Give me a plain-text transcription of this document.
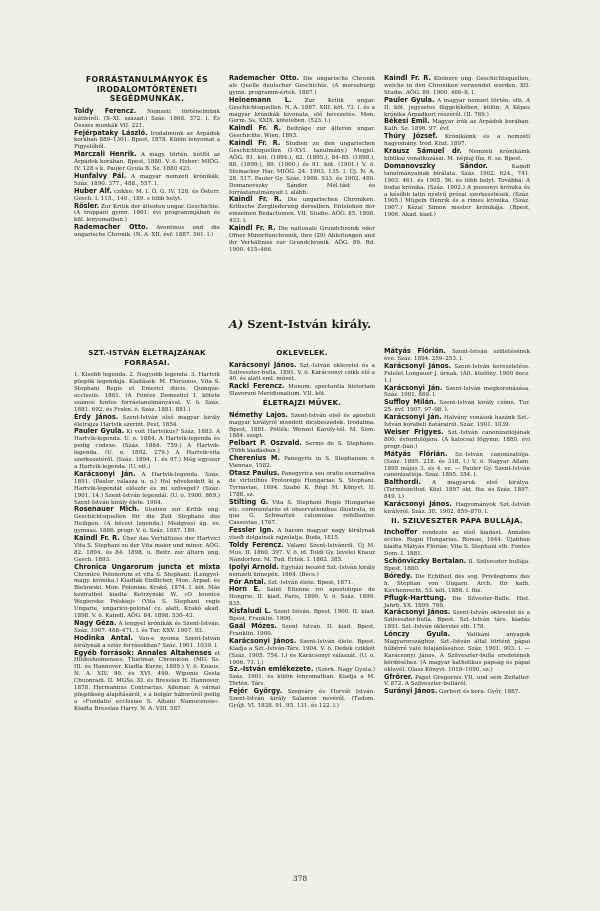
FORRÁSTANULMÁNYOK ÉS IRODALOMTÖRTÉNETI SEGÉDMUNKÁK.

Toldy Ferencz. Nemzeti történelmünk kútfeiről. (X–XI. század.) Száz. 1868. 372. l. És Összes munkák VII. 221.

Fejérpataky László. Irodalmunk az Árpádok korában 889–1301. Bpest, 1878. Külön lenyomat a Figyelőből.

Marczali Henrik. A magy. történ. kútfői az Árpádok korában. Bpest, 1880. V. ö. Huber: MIÖG. IV. 128 s k. Pauler Gyula B. Sz. 1880 423.

Hunfalvy Pál. A magyar nemzeti krónikák. Száz. 1890. 377., 488., 557. l.

Huber Alf. czikke: M. I. Ö. G. IV. 128. és Österr. Gesch. I. 115., 140., 189. s több helyt.

Rösler. Zur Kritik der ältesten ungar. Geschichte. (A troppani gymn. 1861. évi programmjában és kül. lenyomatban.)

Rademacher Otto. Aventinus und die ungarische Chronik. (N. A. XII. évf. 1887. 561. l.)

Rademacher Otto. Die ungarische Chronik als Quelle deutscher Geschichte. (A merseburgi gymn. programm-értek. 1887.)

Heinemann L. Zur Kritik ungar. Geschichtsquellen. N. A. 1887. XIII. köt. 73. l. és a magyar krónikák kivonata, elő bevezetés. Mon. Germ. Ss. XXIX. kötetében. (523. l.)

Kaindl Fr. R. Beiträge zur älteren ungar. Geschichte. Wien, 1893.

Kaindl Fr. R. Studien zu den ungarischen Geschichtsquellen (I–XVI. tanulmány.) Megjel. AÖG. 81. köt. (1894.), 82. (1895.), 84–85. (1898.), 88. (1899.), 89. (1900.) és 91. köt. (1901.) V. ö. Steinacker Har. MIÖG. 24. 1903. 135. l. Új. N. A. 28. 517. Pauler Gy. Száz. 1900. 933. és 1902. 480. Domanovszky Sándor. Mél.tást és forrástanulmányait l. alább.

Kaindl Fr. R. Die ungarischen Chroniken. Kritische Zergliederung derselben. Entstehen der einzelnen Redactionen. VII. Studie. AÖG. 85. 1898. 433. l.

Kaindl Fr. R. Die nationale Grundchronik oder Ofner Minoritenchronik, ihre (29) Ableitungen und ihr Verhältniss zur Grundchronik. AÖG. 89. Bd. 1900. 415–466.

Kaindl Fr. R. Kleinere ung. Geschichtsquellen, welche in den Chroniken verwendet wurden. XII. Studie. AÖG. 89. 1900. 466–8. l.

Pauler Gyula. A magyar nemzet történ. stb. A II. köt. jegyzetes függelékében, külön: A Képes krónika Árpádkori részéről. (II. 769.)

Békesi Emil. Magyar írók az Árpádok korában. Kath. Sz. 1896. 97. évf.

Thúry József. Krónikáink és a nemzeti hagyomány. Irod. Közl. 1897.

Krausz Sámuel dr. Nemzeti krónikáink biblikai vonatkozásai. M. népiaj fűz. 6. sz. Bpest.

Domanovszky Sándor.	Kaindl tanulmányainak bírálata. Száz. 1902. 624., 741. 1903. 461. és 1905. 56. és több helyt. Továbbá: A budai krónika. (Száz. 1902.) A pozsonyi krónika és a később latin nyelvű prózai szerkesztések. (Száz. 1905.) Mügeln Henrik és a rímes krónika. (Száz. 1907.) Kézai Simon mester krónikája. (Bpest, 1906. Akad. kiad.)

A) Szent-István király.
SZT.-ISTVÁN ÉLETRAJZÁNAK FORRÁSAI.

1. Kisebb legenda. 2. Nagyobb legenda. 3. Hartvik püspök legendája. Kiadások: M. Florianus, Vita S. Stephani Regis et Emerici ducis. Quinque-ecclesiis. 1881. (A Fontes Domestici I. kötete számos fontos forrástanulmányával. V. ö. Száz. 1881. 692. és Frakn. ó. Száz. 1881. 881.)

Érdy János. Szent-István első magyar király életrajza Hartvik szerint. Pest, 1854.

Pauler Gyula. Ki volt Hartvikus? Száz. 1883. A Hartvik-legenda. U. o. 1884. A Hartvik-legenda és pedig codexe. (Száz. 1884. 759.) A Hartvik-legenda. (U. o. 1892. 279.) A Hartvik-vita szerkezetéről. (Száz. 1894. 1. és 97.) Még egyszer a Hartvik-legenda. (U. ott.)

Karácsonyi Ján. A Hartvik-legenda. Száz. 1891. (Pauler válasza u. o.) Hol növekedett ki a Hartvik-legendát először és mi szöveget? (Száz. 1901. 14.) Szent-István legendái. (U. o. 1900. 869.) Szent-István király élete. 1904.

Rosenauer Mich. Studien zur Kritik ung. Geschichtsquellen für die Zeit Stephans des Heiligen. (A bécsvi legenda.) Medgyesi ág. ev. gymnas. 1886. progr. V. ö. Száz. 1887. 189.

Kaindl Fr. R. Über das Verhältniss der Hartvici Vita S. Stephani zu der Vita maior und minor. AÖG. 82. 1894. és 84. 1898. u. Beitr. zur ältern ung. Gesch. 1893.

Chronica Ungarorum juncta et mixta Chronico Polonorum et vita S. Stephani. (Lengyel-magy. krónika.) Kiadták Endlicher, Mon. Arpad. és Bielowski, Mon. Poloniae. Krakó, 1874. I. köt. Más keziratból kiadta Ketrzynski W. »O kronice Wegiersko Polskiej« (Vita S. Stephani regis Ungarie, ungarico-polona) cz. alatt. Krakó akad. 1898. V. ö. Kaindl. AÖG. 84. 1898. 530–43.

Nagy Géza. A lengyel krónikák és Szent-István. Száz. 1907. 468–471. l. és Tur. XXV. 1907. 93.

Hodinka Antal. Van-e nyoma Szent-István királynak a szláv forrásokban? Száz. 1901. 1039. l.

Egyéb források: Annales Altahenses et Hildesheimenses; Thietmar, Chronicon. (MG. Ss. III. és Hannover. Kiadta Kurze, 1889.) V. ö. Knauz. N. A. XIV. 99. és XVI. 499. Wiponis Gesta Chuonradi. II. MGSs. XI. és Bresslau H. Hannover, 1878. Hermannus Contractus. Ademar. A várnai püspökség alapításáról, s a bolgár háborúról pedig a »Fundatio ecclesiae S. Albani Namucensis«. Kiadta Bresslau Harry. N. A. VIII. 587.

OKLEVELEK.

Karácsonyi János. Szt.-István oklevelei és a Szilveszter-bulla. 1891. V. ö. Karácsonyi czikk elő a 40. és alatt eml. művét.

Racki Ferencz. Monum. spectantia historiam Slavorum Meridionalium. VII. köt.

ÉLETRAJZI MŰVEK.

Némethy Lajos. Szent-István első és apostoli magyar királyról mondott dicsbeszédek. Irodalma. Bpest, 1881. Pótlék: Wenzel Károly-tól. M. Sion. 1884. szept.

Pelbart P. Oszvald. Sermo de S. Stephano. (Több kiadásban.)

Cherenius M. Panegyris in S. Stephanum r. Viennae, 1582.

Otasz Paulus. Panegyrica seu oratio exornativa de virtutibus Protoregis Hungariae S. Stephani. Tyrnaviae, 1694. Szabó K. Régi M. Könyvt. II. 1788. sz.

Stilting G. Vita S. Stephani Regis Hungariae etc. commentariis et observationibus illustrata, in qua G. Schwartzii calumniae refelluntur. Cassoviae, 1767.

Fessler Ign. A három magyar nagy királynak viselt dolgainak rajzolatja. Buda, 1815.

Toldy Ferencz. Valami Szent-Istvánról. Új M. Mus. II. 1860. 397. V. ö. id. Toldi Gy. levelei Knauz Nándorhoz. M. Tud. Értek. I. 1862. 385.

Ipolyi Arnold. Egyházi beszéd Szt.-István király nemzeti ünnepén. 1864. (Bécs.)

Pór Antal. Szt.-István élete. Bpest, 1871.

Horn E. Saint Étienne roi apostolique de Hongrie. II. kiad. Paris, 1899. V. ö. Száz. 1899. 835.

Kisfaludi L. Szent István. Bpest, 1900. II. kiad. Bpest, Franklin. 1900.

Gaál Mózes. Szent István. II. kiad. Bpest, Franklin. 1900.

Karácsonyi János. Szent-István élete. Bpest. Kiadja a Szt.-István-Társ. 1904. V. ö. Dedek czikkét (Száz. 1905. 754. l.) és Karácsonyi válaszát. (U. o. 1906. 71. l.)

Sz.-István emlékezete. (Szerk. Nagy Gyula.) Száz. 1901. és külön lenyomatban. Kiadja a M. Történ. Társ.

Fejér György. Szegváry és Horvát István. Szent-István király Salamon nevéről. (Tudom. Gyűjt. VI. 1828. 91. 95. 131. és 122. l.)

Mátyás Flórián. Szent-István születésének éve. Száz. 1894. 259–253. l.

Karácsonyi János. Szent-István keresztelése. Felelet Longauer J. úrnak. (Ált. közlöny. 1900 decz. 1.)

Karácsonyi Ján. Szent-István megkoronázása. Száz. 1901. 869. l.

Suffloy Milán. Szent-István király czíme. Tur. 25. évf. 1907. 97–98. l.

Karácsonyi Ján. Halvány vonások hazánk Szt.-István korabeli határairól. Száz. 1901. 1039.

Weiser Frigyes. Szt.-István canonizatiójának 800. évfordulójára. (A kalocsai főgymn. 1880. évi progr.-ban.)

Mátyás Flórián. Sz.-István canonizatiója. (Száz. 1895. 218. és 318. l.) V. ö. Nagyar Állam. 1895 május 3. és 4. sz. — Pauler Gy. Szent-István canonizatiója. Száz. 1895. 354. l.

Balthordi. A magyarok első királya. (Természettud. Közl. 1897 okt. füz. és Száz. 1897. 849. l.)

Karácsonyi János. Hagyományok Szt.-István királyról. Száz. 3E. 1902. 859–870. l.

II. SZILVESZTER PÁPA BULLÁJA.

Inchoffer rendezte az első kiadást. Annales eccles. Regni Hungariae. Romae, 1644. Újabban kiadta Mátyás Flórián: Vita S. Stephani stb. Fontes Dom. I. 1881.

Schönviczky Bertalan. II. Szilveszter bullája. Bpest, 1880.

Bóredy. Die Echtheit des sog. Privilegiums des h. Stephan von Ungarn. Arch. für kath. Kirchenrecht. 53. köt. 1888. I. füz.

Pflugk-Harttung. Die Silvester-Bulle. Hist. Jahrb. XX. 1899. 769.

Karácsonyi János. Szent-István oklevelei és a Szilveszter-bulla. Bpest. Szt.-István társ. kiadás 1891. Szt.-István oklevelei stb. 178.

Lónczy Gyula.	Vatikáni anyagok Magyarországhoz. Szt.-István által történt pápai hűbérré való felajánlásához. Száz. 1901. 903. l. — Karácsonyi János. A Szilveszter-bulla eredetének kérdéséhez. (A magyar katholikus papság és pápai oklevél. Olasz Könyvt. 1019–1090. sz.)

Gfrörer. Papst Gregorius VII. und sein Zeitalter. V. 872. A Szilveszter-bulláról.

Surányi János. Gerbert és kora. Győr, 1887.

378
